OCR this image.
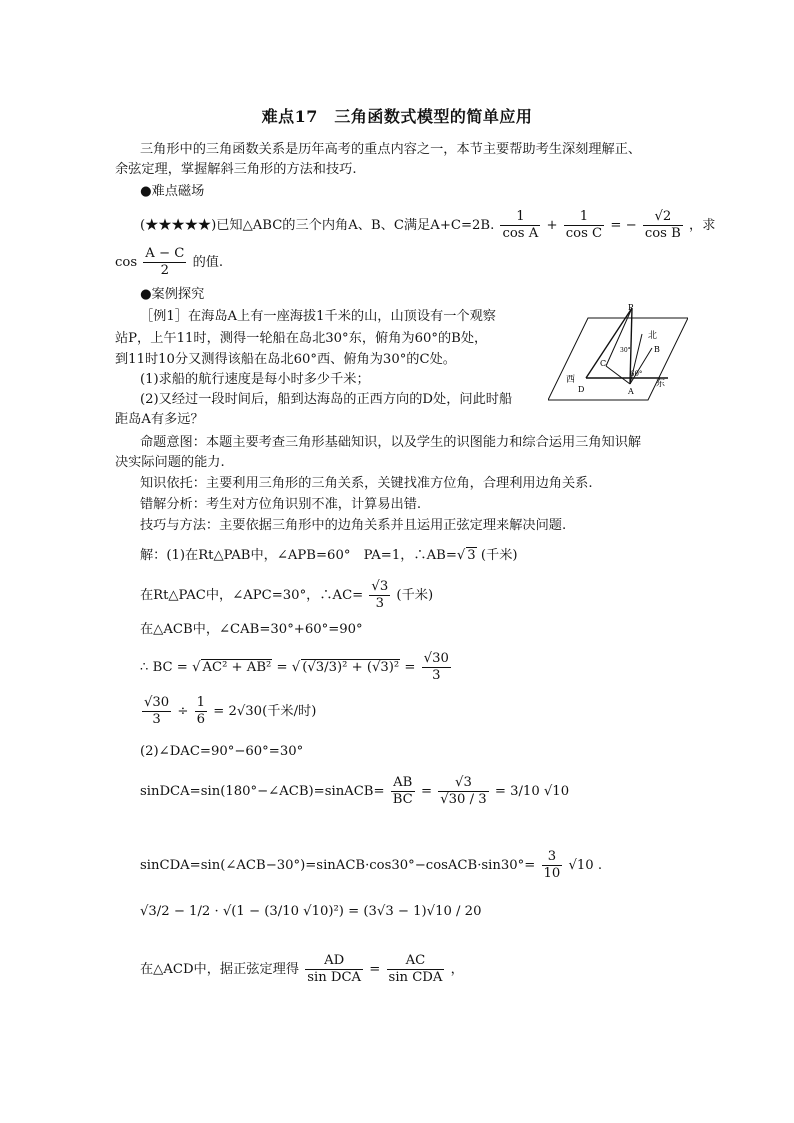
难点17　三角函数式模型的简单应用
三角形中的三角函数关系是历年高考的重点内容之一，本节主要帮助考生深刻理解正、
余弦定理，掌握解斜三角形的方法和技巧.
●难点磁场
(★★★★★)已知△ABC的三个内角A、B、C满足A+C=2B. $\frac{1}{\text{cos A}} + \frac{1}{\text{cos C}}$ = − $\frac{√2}{\text{cos B}}$ ，求
$\cos \frac{A - C}{2}$ 的值.
●案例探究
［例1］在海岛A上有一座海拔1千米的山，山顶设有一个观察
站P，上午11时，测得一轮船在岛北30°东，俯角为60°的B处，
到11时10分又测得该船在岛北60°西、俯角为30°的C处。
(1)求船的航行速度是每小时多少千米；
(2)又经过一段时间后，船到达海岛的正西方向的D处，问此时船
距岛A有多远？
P
北
B
C
西	东
D	A
60°
30°
命题意图：本题主要考查三角形基础知识，以及学生的识图能力和综合运用三角知识解
决实际问题的能力.
知识依托：主要利用三角形的三角关系，关键找准方位角，合理利用边角关系.
错解分析：考生对方位角识别不准，计算易出错.
技巧与方法：主要依据三角形中的边角关系并且运用正弦定理来解决问题.
解：(1)在Rt△PAB中，∠APB=60°　PA=1，∴AB=√ 3 (千米)
在Rt△PAC中，∠APC=30°，∴AC= $\frac{√3}{3}$ (千米)
在△ACB中，∠CAB=30°+60°=90°
∴ BC = √ AC² + AB² = √ $(√3/3)^2 + (√3)^2 = \frac{√30}{3}$
$\frac{√30}{3} \div \frac{1}{6} = 2√30$(千米/时)
(2)∠DAC=90°−60°=30°
sinDCA=sin(180°−∠ACB)=sinACB= $\frac{AB}{BC} = \frac{√3}{√30 / 3} = 3/10$ √10
sinCDA=sin(∠ACB−30°)=sinACB·cos30°−cosACB·sin30°= $\frac{3}{10} √10$ .
√3/2 − 1/2 · √(1 − (3/10 √10)²) = (3√3 − 1)√10 / 20
在△ACD中，据正弦定理得
AD
sin DCA
=
AC
sin CDA
，
